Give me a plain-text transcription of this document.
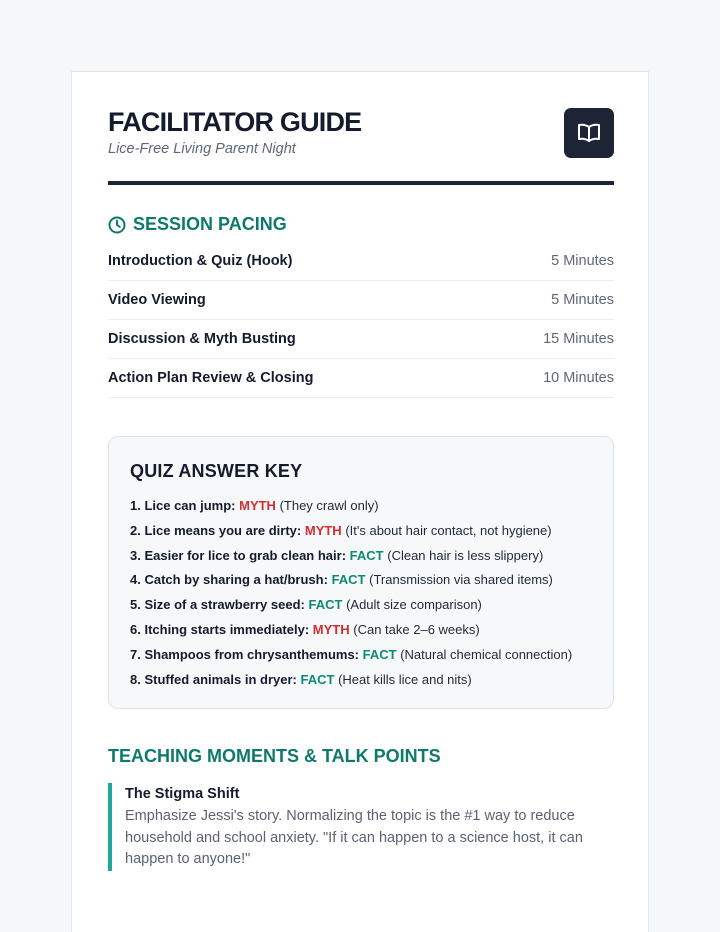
FACILITATOR GUIDE
Lice-Free Living Parent Night
SESSION PACING
Introduction & Quiz (Hook)	5 Minutes
Video Viewing	5 Minutes
Discussion & Myth Busting	15 Minutes
Action Plan Review & Closing	10 Minutes
QUIZ ANSWER KEY
1. Lice can jump: MYTH (They crawl only)
2. Lice means you are dirty: MYTH (It's about hair contact, not hygiene)
3. Easier for lice to grab clean hair: FACT (Clean hair is less slippery)
4. Catch by sharing a hat/brush: FACT (Transmission via shared items)
5. Size of a strawberry seed: FACT (Adult size comparison)
6. Itching starts immediately: MYTH (Can take 2–6 weeks)
7. Shampoos from chrysanthemums: FACT (Natural chemical connection)
8. Stuffed animals in dryer: FACT (Heat kills lice and nits)
TEACHING MOMENTS & TALK POINTS
The Stigma Shift
Emphasize Jessi's story. Normalizing the topic is the #1 way to reduce household and school anxiety. "If it can happen to a science host, it can happen to anyone!"
